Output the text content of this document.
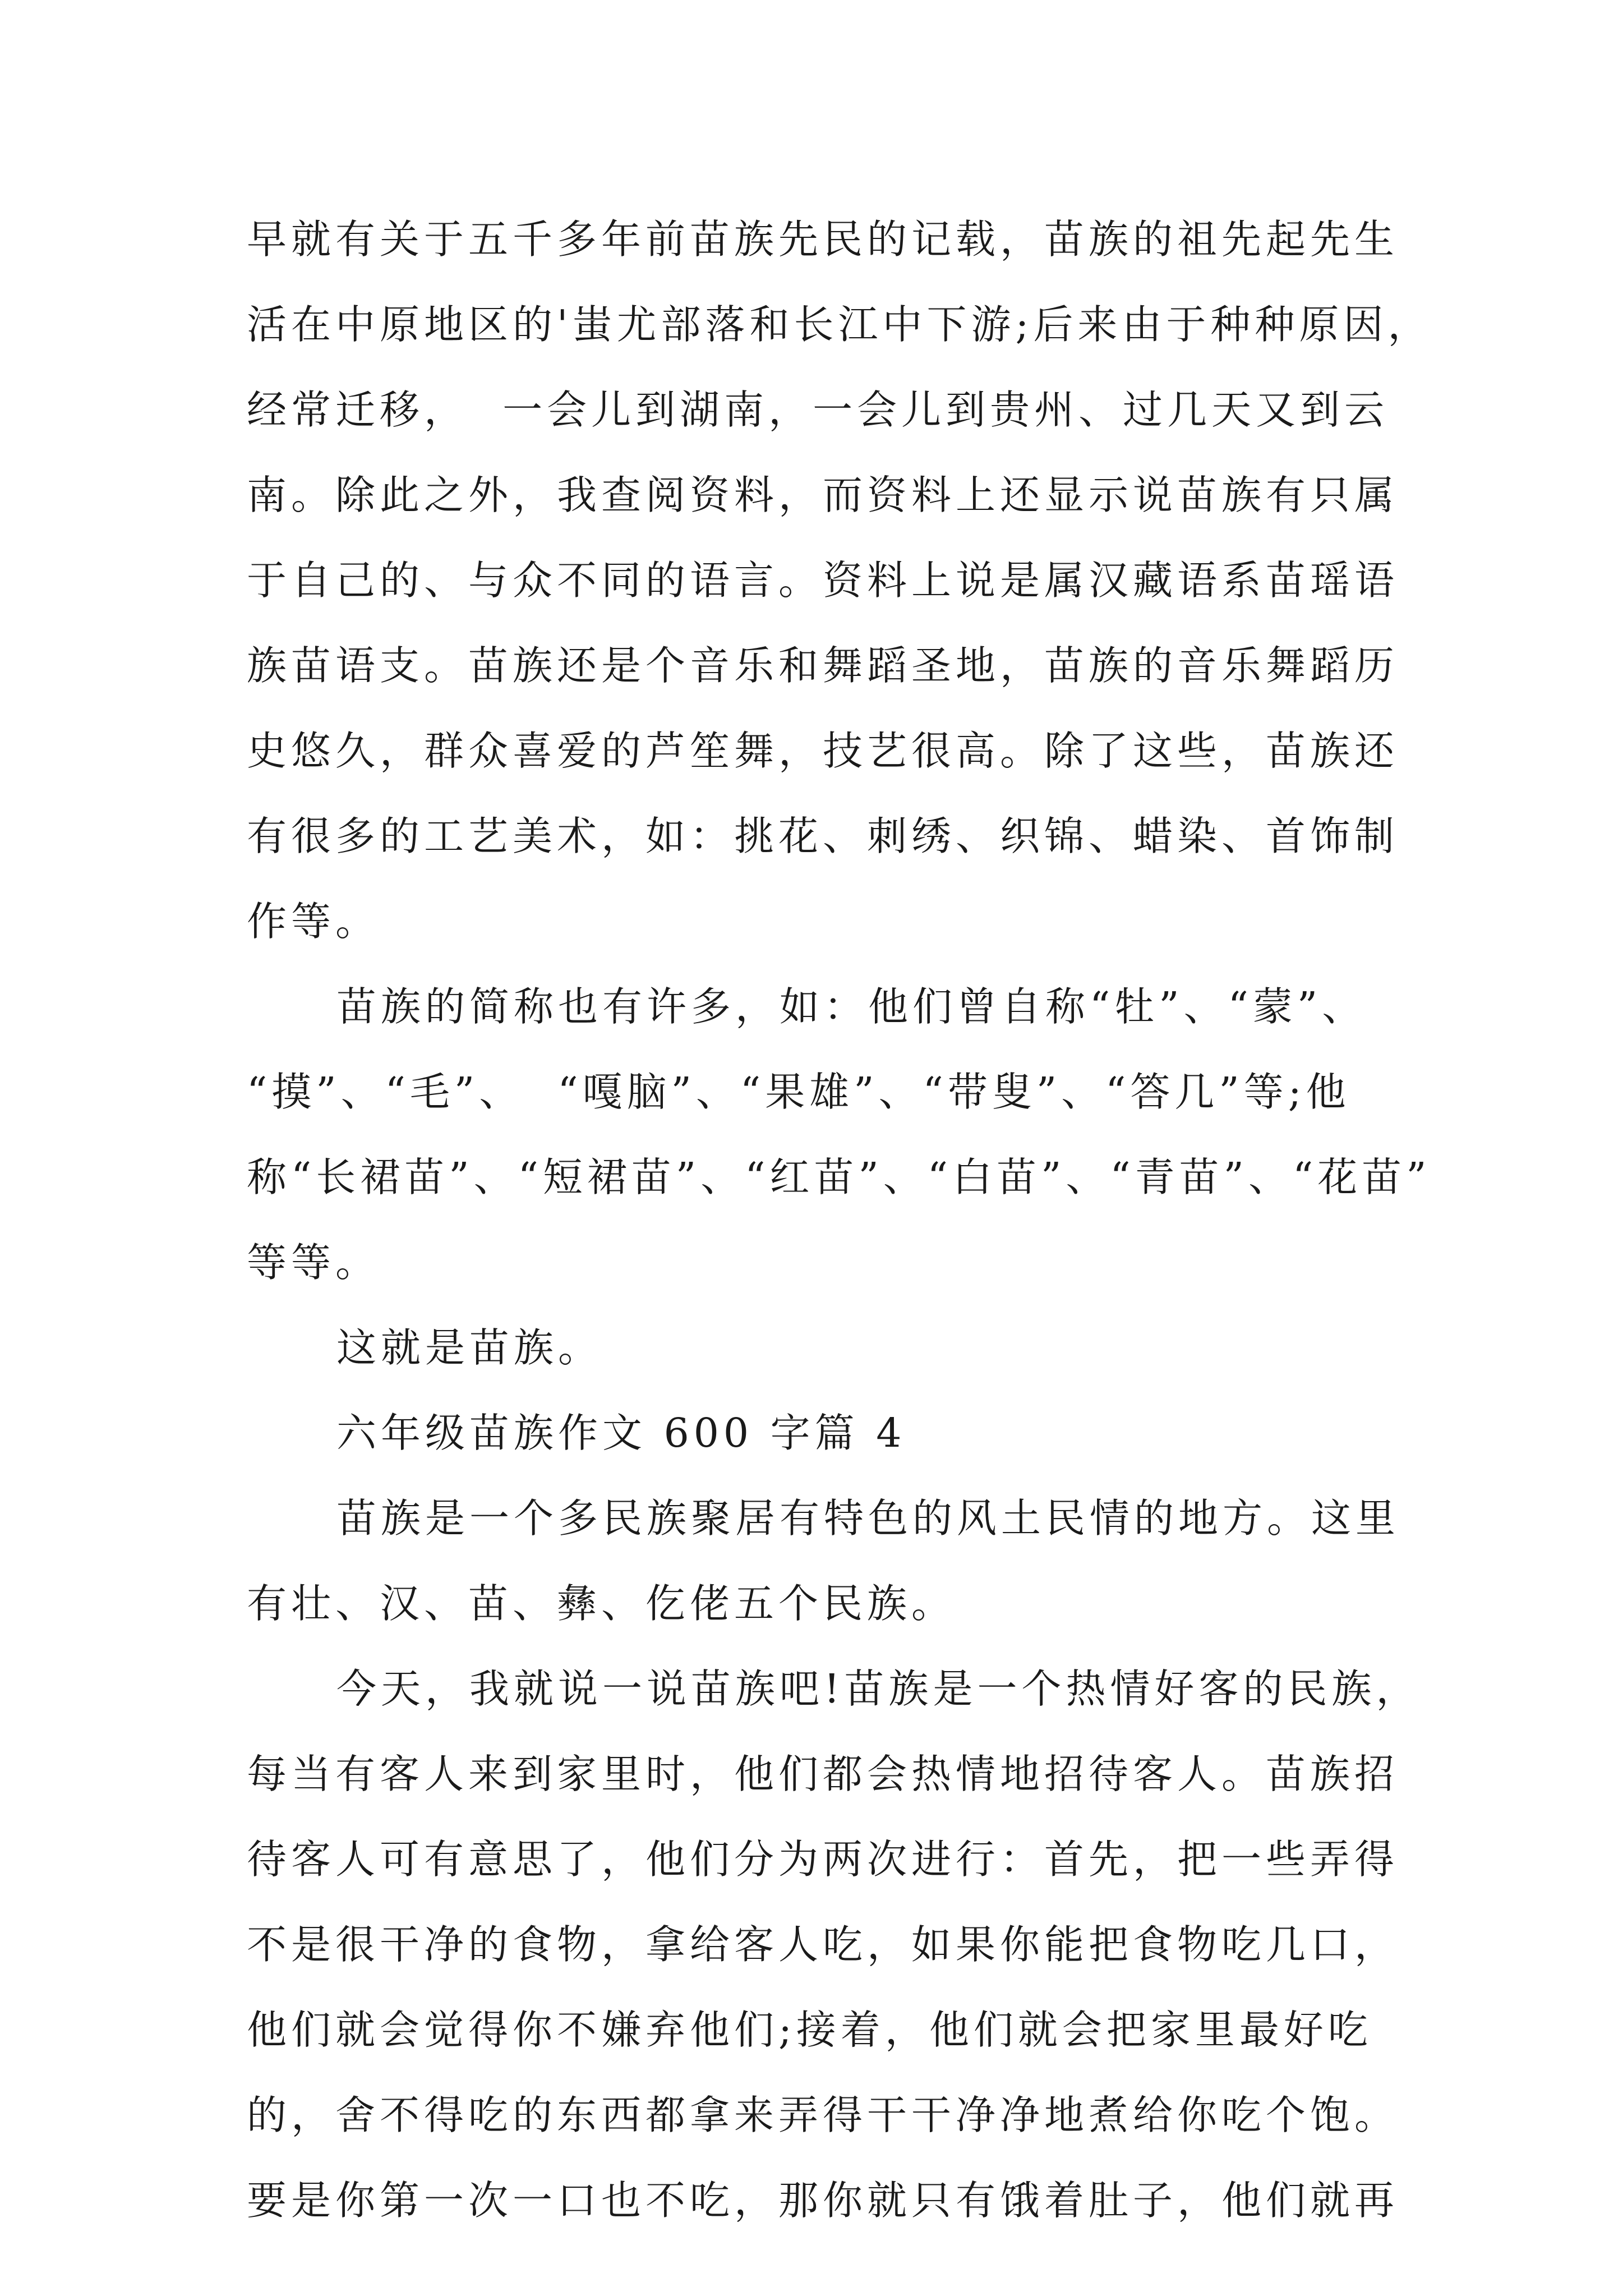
早就有关于五千多年前苗族先民的记载，苗族的祖先起先生
活在中原地区的'蚩尤部落和长江中下游;后来由于种种原因，
经常迁移，  一会儿到湖南，一会儿到贵州、过几天又到云
南。除此之外，我查阅资料，而资料上还显示说苗族有只属
于自己的、与众不同的语言。资料上说是属汉藏语系苗瑶语
族苗语支。苗族还是个音乐和舞蹈圣地，苗族的音乐舞蹈历
史悠久，群众喜爱的芦笙舞，技艺很高。除了这些，苗族还
有很多的工艺美术，如：挑花、刺绣、织锦、蜡染、首饰制
作等。
苗族的简称也有许多，如：他们曾自称“牡”、“蒙”、
“摸”、“毛”、  “嘎脑”、“果雄”、“带叟”、“答几”等;他
称“长裙苗”、“短裙苗”、“红苗”、“白苗”、“青苗”、“花苗”
等等。
这就是苗族。
六年级苗族作文 600 字篇 4
苗族是一个多民族聚居有特色的风土民情的地方。这里
有壮、汉、苗、彝、仡佬五个民族。
今天，我就说一说苗族吧!苗族是一个热情好客的民族，
每当有客人来到家里时，他们都会热情地招待客人。苗族招
待客人可有意思了，他们分为两次进行：首先，把一些弄得
不是很干净的食物，拿给客人吃，如果你能把食物吃几口，
他们就会觉得你不嫌弃他们;接着，他们就会把家里最好吃
的，舍不得吃的东西都拿来弄得干干净净地煮给你吃个饱。
要是你第一次一口也不吃，那你就只有饿着肚子，他们就再
